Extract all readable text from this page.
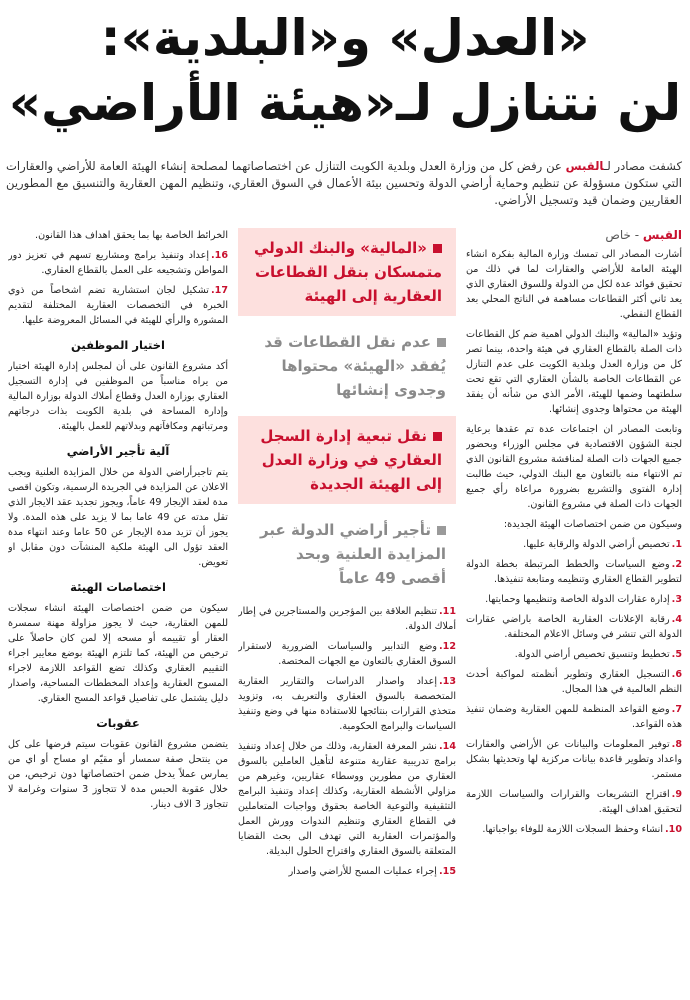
«العدل» و«البلدية»:
لن نتنازل لـ«هيئة الأراضي»
كشفت مصادر لـالقبس عن رفض كل من وزارة العدل وبلدية الكويت التنازل عن اختصاصاتهما لمصلحة إنشاء الهيئة العامة للأراضي والعقارات التي ستكون مسؤولة عن تنظيم وحماية أراضي الدولة وتحسين بيئة الأعمال في السوق العقاري، وتنظيم المهن العقارية والتنسيق مع المطورين العقاريين وضمان قيد وتسجيل الأراضي.
القبس - خاص

أشارت المصادر الى تمسك وزارة المالية بفكرة انشاء الهيئة العامة للأراضي والعقارات لما في ذلك من تحقيق فوائد عدة لكل من الدولة وللسوق العقاري الذي يعد ثاني أكثر القطاعات مساهمة في الناتج المحلي بعد القطاع النفطي.

وتؤيد «المالية» والبنك الدولي اهمية ضم كل القطاعات ذات الصلة بالقطاع العقاري في هيئة واحدة، بينما تصر كل من وزارة العدل وبلدية الكويت على عدم التنازل عن القطاعات الخاصة بالشأن العقاري التي تقع تحت سلطتهما وضمها للهيئة، الأمر الذي من شأنه أن يفقد الهيئة من محتواها وجدوى إنشائها.

وتابعت المصادر ان اجتماعات عدة تم عقدها برعاية لجنة الشؤون الاقتصادية في مجلس الوزراء وبحضور جميع الجهات ذات الصلة لمناقشة مشروع القانون الذي تم الانتهاء منه بالتعاون مع البنك الدولي، حيث طالبت إدارة الفتوى والتشريع بضرورة مراعاة رأي جميع الجهات ذات الصلة في مشروع القانون.

وسيكون من ضمن اختصاصات الهيئة الجديدة:

1.تخصيص أراضي الدولة والرقابة عليها.

2.وضع السياسات والخطط المرتبطة بخطة الدولة لتطوير القطاع العقاري وتنظيمه ومتابعة تنفيذها.

3.إدارة عقارات الدولة الخاصة وتنظيمها وحمايتها.

4.رقابة الإعلانات العقارية الخاصة باراضي عقارات الدولة التي تنشر في وسائل الاعلام المختلفة.

5.تخطيط وتنسيق تخصيص أراضي الدولة.

6.التسجيل العقاري وتطوير أنظمته لمواكبة أحدث النظم العالمية في هذا المجال.

7.وضع القواعد المنظمة للمهن العقارية وضمان تنفيذ هذه القواعد.

8.توفير المعلومات والبيانات عن الأراضي والعقارات واعداد وتطوير قاعدة بيانات مركزية لها وتحديثها بشكل مستمر.

9.اقتراح التشريعات والقرارات والسياسات اللازمة لتحقيق اهداف الهيئة.

10.انشاء وحفظ السجلات اللازمة للوفاء بواجباتها.

«المالية» والبنك الدولي متمسكان بنقل القطاعات العقارية إلى الهيئة
عدم نقل القطاعات قد يُفقد «الهيئة» محتواها وجدوى إنشائها
نقل تبعية إدارة السجل العقاري في وزارة العدل إلى الهيئة الجديدة
تأجير أراضي الدولة عبر المزايدة العلنية وبحد أقصى 49 عاماً

11.تنظيم العلاقة بين المؤجرين والمستاجرين في إطار أملاك الدولة.

12.وضع التدابير والسياسات الضرورية لاستقرار السوق العقاري بالتعاون مع الجهات المختصة.

13.إعداد واصدار الدراسات والتقارير العقارية المتخصصة بالسوق العقاري والتعريف به، وتزويد متخذي القرارات بنتائجها للاستفادة منها في وضع وتنفيذ السياسات والبرامج الحكومية.

14.نشر المعرفة العقارية، وذلك من خلال إعداد وتنفيذ برامج تدريبية عقارية متنوعة لتأهيل العاملين بالسوق العقاري من مطورين ووسطاء عقاريين، وغيرهم من مزاولي الأنشطة العقارية، وكذلك إعداد وتنفيذ البرامج التثقيفية والتوعية الخاصة بحقوق وواجبات المتعاملين في القطاع العقاري وتنظيم الندوات وورش العمل والمؤتمرات العقارية التي تهدف الى بحث القضايا المتعلقة بالسوق العقاري واقتراح الحلول البديلة.

15.إجراء عمليات المسح للأراضي واصدار

الخرائط الخاصة بها بما يحقق اهداف هذا القانون.

16.إعداد وتنفيذ برامج ومشاريع تسهم في تعزيز دور المواطن وتشجيعه على العمل بالقطاع العقاري.

17.تشكيل لجان استشارية تضم اشخاصاً من ذوي الخبرة في التخصصات العقارية المختلفة لتقديم المشورة والرأي للهيئة في المسائل المعروضة عليها.

اختيار الموظفين

أكد مشروع القانون على أن لمجلس إدارة الهيئة اختيار من يراه مناسباً من الموظفين في إدارة التسجيل العقاري بوزارة العدل وقطاع أملاك الدولة بوزارة المالية وإدارة المساحة في بلدية الكويت بذات درجاتهم ومرتباتهم ومكافآتهم وبدلاتهم للعمل بالهيئة.

آلية تأجير الأراضي

يتم تاجيرأراضي الدولة من خلال المزايدة العلنية ويجب الاعلان عن المزايدة في الجريدة الرسمية، وتكون اقصى مدة لعقد الإيجار 49 عاماً، ويجوز تجديد عقد الايجار الذي تقل مدته عن 49 عاما بما لا يزيد على هذه المدة. ولا يجوز أن تزيد مدة الإيجار عن 50 عاما وعند انتهاء مدة العقد تؤول الى الهيئة ملكية المنشآت دون مقابل او تعويض.

اختصاصات الهيئة

سيكون من ضمن اختصاصات الهيئة انشاء سجلات للمهن العقارية، حيث لا يجوز مزاولة مهنة سمسرة العقار أو تقييمه أو مسحه إلا لمن كان حاصلاً على ترخيص من الهيئة، كما تلتزم الهيئة بوضع معايير اجراء التقييم العقاري وكذلك تضع القواعد اللازمة لاجراء المسوح العقارية وإعداد المخططات المساحية، واصدار دليل يشتمل على تفاصيل قواعد المسح العقاري.

عقوبات

يتضمن مشروع القانون عقوبات سيتم فرضها على كل من ينتحل صفة سمسار أو مقيّم او مساح أو اي من يمارس عملاً يدخل ضمن اختصاصاتها دون ترخيص، من خلال عقوبة الحبس مدة لا تتجاوز 3 سنوات وغرامة لا تتجاوز 3 الاف دينار.
